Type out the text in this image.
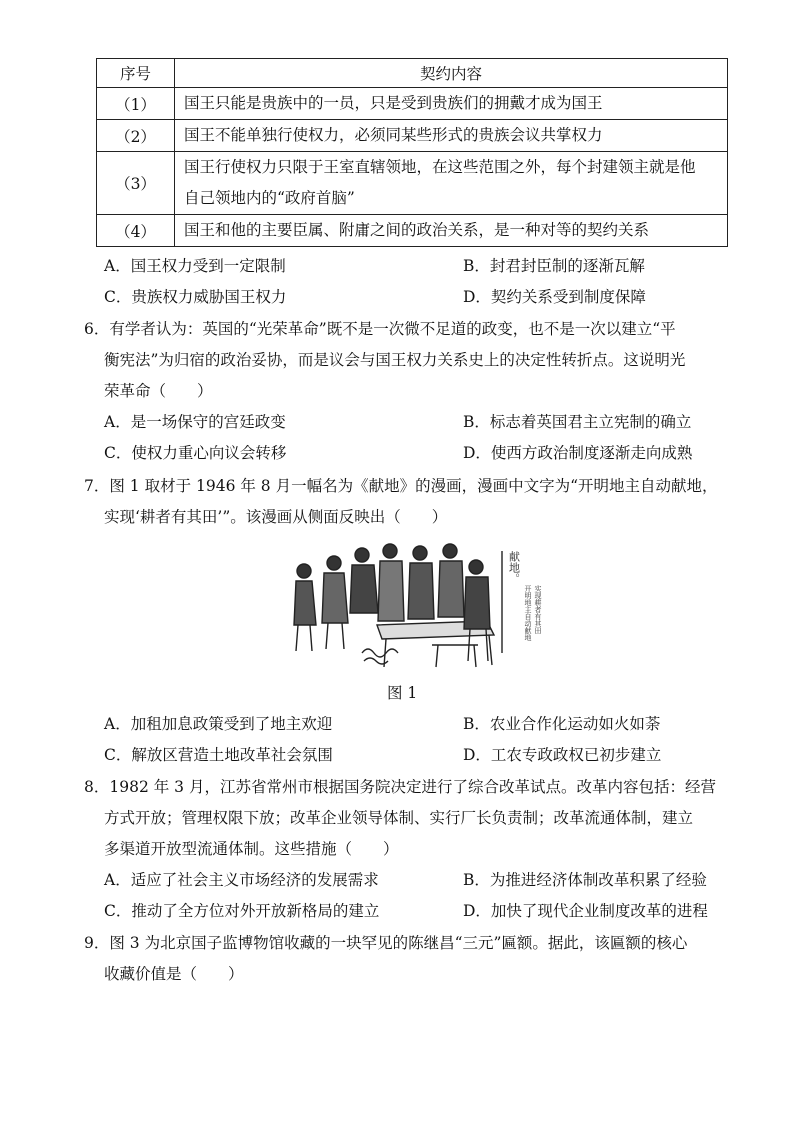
序号	契约内容
（1）	国王只能是贵族中的一员，只是受到贵族们的拥戴才成为国王
（2）	国王不能单独行使权力，必须同某些形式的贵族会议共掌权力
（3）	国王行使权力只限于王室直辖领地，在这些范围之外，每个封建领主就是他
自己领地内的“政府首脑”

（4）	国王和他的主要臣属、附庸之间的政治关系，是一种对等的契约关系
A．国王权力受到一定限制	B．封君封臣制的逐渐瓦解
C．贵族权力威胁国王权力	D．契约关系受到制度保障
6．有学者认为：英国的“光荣革命”既不是一次微不足道的政变，也不是一次以建立“平
衡宪法”为归宿的政治妥协，而是议会与国王权力关系史上的决定性转折点。这说明光
荣革命（　　）
A．是一场保守的宫廷政变	B．标志着英国君主立宪制的确立
C．使权力重心向议会转移	D．使西方政治制度逐渐走向成熟
7．图 1 取材于 1946 年 8 月一幅名为《献地》的漫画，漫画中文字为“开明地主自动献地，
实现‘耕者有其田’”。该漫画从侧面反映出（　　）
献地。
开明地主自动献地 实现耕者有其田
图 1
A．加租加息政策受到了地主欢迎	B．农业合作化运动如火如荼
C．解放区营造土地改革社会氛围	D．工农专政政权已初步建立
8．1982 年 3 月，江苏省常州市根据国务院决定进行了综合改革试点。改革内容包括：经营
方式开放；管理权限下放；改革企业领导体制、实行厂长负责制；改革流通体制，建立
多渠道开放型流通体制。这些措施（　　）
A．适应了社会主义市场经济的发展需求	B．为推进经济体制改革积累了经验
C．推动了全方位对外开放新格局的建立	D．加快了现代企业制度改革的进程
9．图 3 为北京国子监博物馆收藏的一块罕见的陈继昌“三元”匾额。据此，该匾额的核心
收藏价值是（　　）
